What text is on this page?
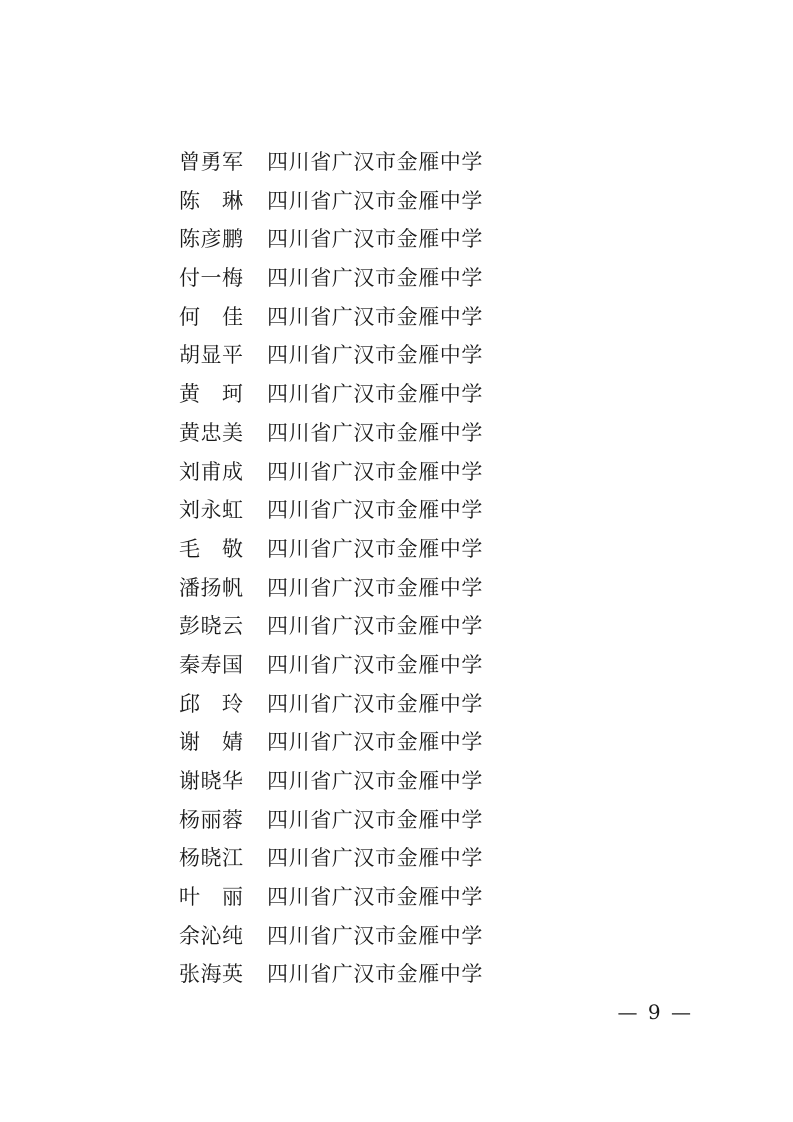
曾勇军 四川省广汉市金雁中学
陈琳 四川省广汉市金雁中学
陈彦鹏 四川省广汉市金雁中学
付一梅 四川省广汉市金雁中学
何佳 四川省广汉市金雁中学
胡显平 四川省广汉市金雁中学
黄珂 四川省广汉市金雁中学
黄忠美 四川省广汉市金雁中学
刘甫成 四川省广汉市金雁中学
刘永虹 四川省广汉市金雁中学
毛敬 四川省广汉市金雁中学
潘扬帆 四川省广汉市金雁中学
彭晓云 四川省广汉市金雁中学
秦寿国 四川省广汉市金雁中学
邱玲 四川省广汉市金雁中学
谢婧 四川省广汉市金雁中学
谢晓华 四川省广汉市金雁中学
杨丽蓉 四川省广汉市金雁中学
杨晓江 四川省广汉市金雁中学
叶丽 四川省广汉市金雁中学
余沁纯 四川省广汉市金雁中学
张海英 四川省广汉市金雁中学
— 9 —
